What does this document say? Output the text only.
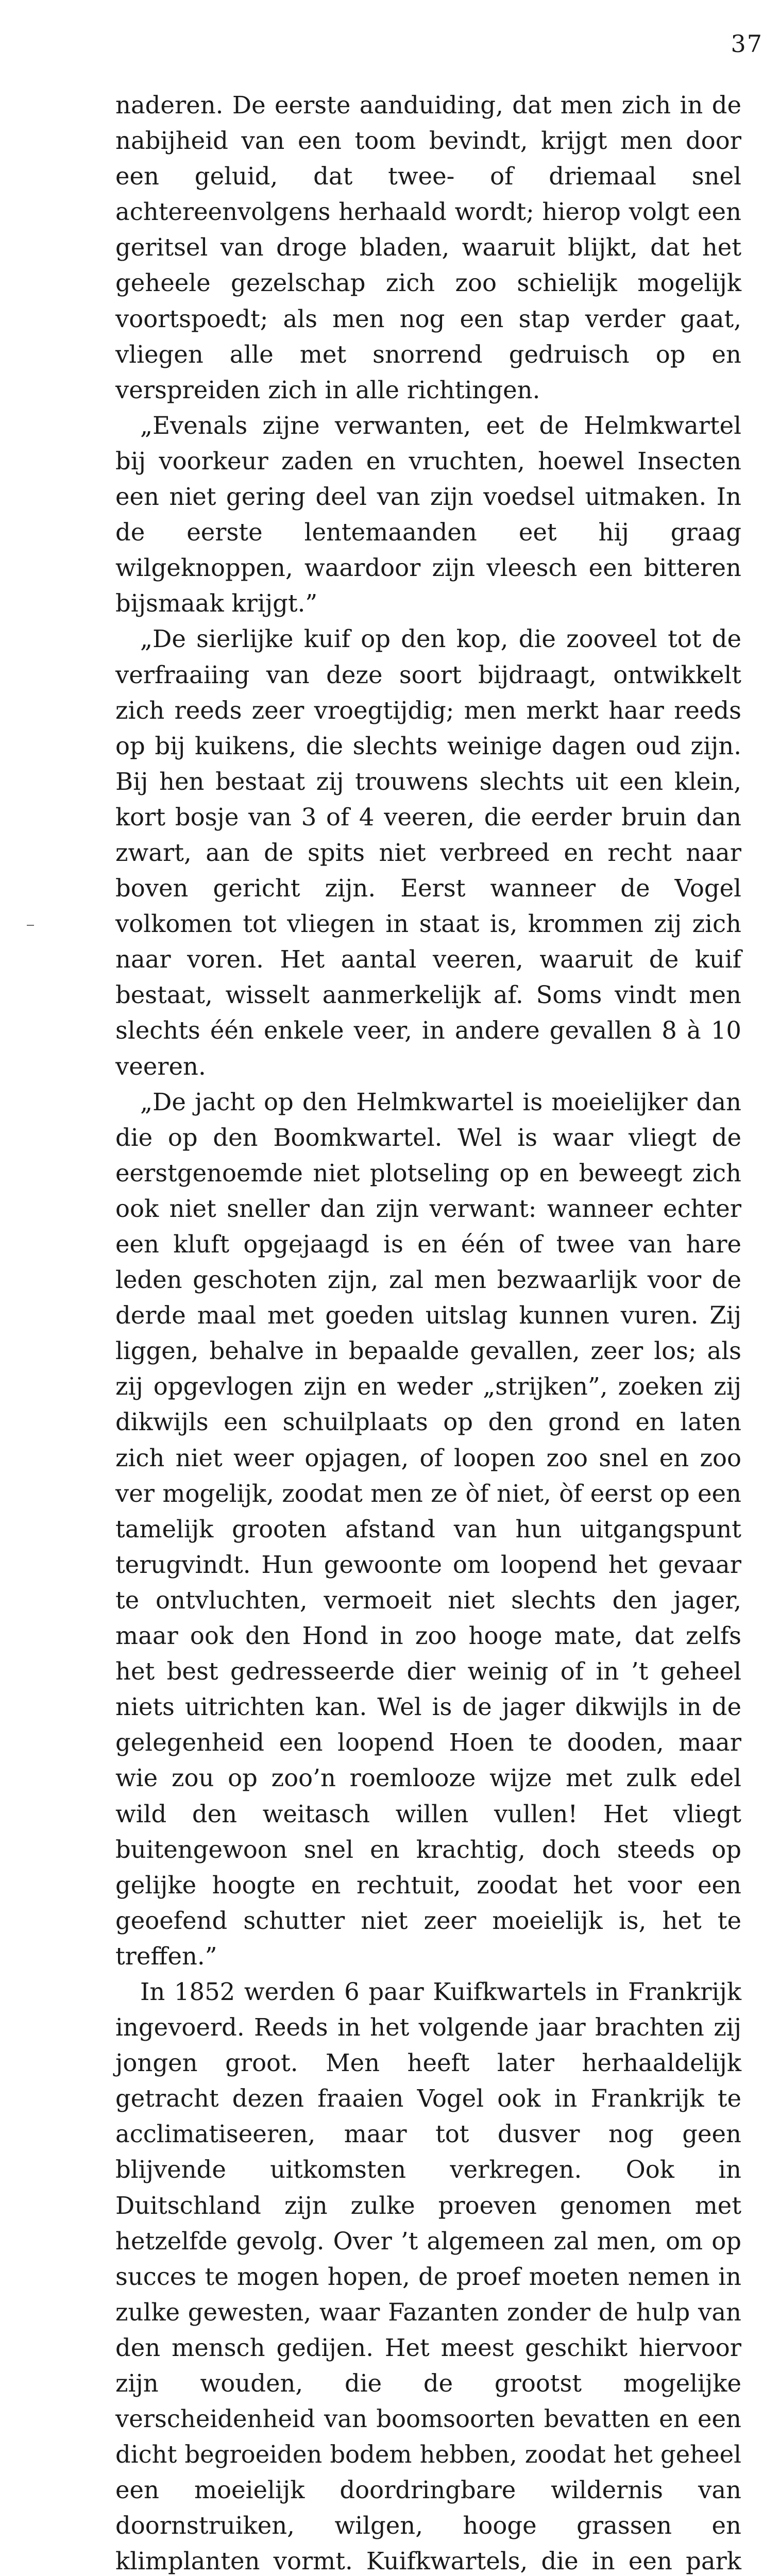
37

naderen. De eerste aanduiding, dat men zich in de nabijheid van een toom bevindt, krijgt men door een geluid, dat twee- of driemaal snel achtereenvolgens herhaald wordt; hierop volgt een geritsel van droge bladen, waaruit blijkt, dat het geheele gezelschap zich zoo schielijk mogelijk voortspoedt; als men nog een stap verder gaat, vliegen alle met snorrend gedruisch op en verspreiden zich in alle richtingen.

„Evenals zijne verwanten, eet de Helmkwartel bij voorkeur zaden en vruchten, hoewel Insecten een niet gering deel van zijn voedsel uitmaken. In de eerste lentemaanden eet hij graag wilgeknoppen, waardoor zijn vleesch een bitteren bijsmaak krijgt.”

„De sierlijke kuif op den kop, die zooveel tot de verfraaiing van deze soort bijdraagt, ontwikkelt zich reeds zeer vroegtijdig; men merkt haar reeds op bij kuikens, die slechts weinige dagen oud zijn. Bij hen bestaat zij trouwens slechts uit een klein, kort bosje van 3 of 4 veeren, die eerder bruin dan zwart, aan de spits niet verbreed en recht naar boven gericht zijn. Eerst wanneer de Vogel volkomen tot vliegen in staat is, krommen zij zich naar voren. Het aantal veeren, waaruit de kuif bestaat, wisselt aanmerkelijk af. Soms vindt men slechts één enkele veer, in andere gevallen 8 à 10 veeren.

„De jacht op den Helmkwartel is moeielijker dan die op den Boomkwartel. Wel is waar vliegt de eerstgenoemde niet plotseling op en beweegt zich ook niet sneller dan zijn verwant: wanneer echter een kluft opgejaagd is en één of twee van hare leden geschoten zijn, zal men bezwaarlijk voor de derde maal met goeden uitslag kunnen vuren. Zij liggen, behalve in bepaalde gevallen, zeer los; als zij opgevlogen zijn en weder „strijken”, zoeken zij dikwijls een schuilplaats op den grond en laten zich niet weer opjagen, of loopen zoo snel en zoo ver mogelijk, zoodat men ze òf niet, òf eerst op een tamelijk grooten afstand van hun uitgangspunt terugvindt. Hun gewoonte om loopend het gevaar te ontvluchten, vermoeit niet slechts den jager, maar ook den Hond in zoo hooge mate, dat zelfs het best gedresseerde dier weinig of in ’t geheel niets uitrichten kan. Wel is de jager dikwijls in de gelegenheid een loopend Hoen te dooden, maar wie zou op zoo’n roemlooze wijze met zulk edel wild den weitasch willen vullen! Het vliegt buitengewoon snel en krachtig, doch steeds op gelijke hoogte en rechtuit, zoodat het voor een geoefend schutter niet zeer moeielijk is, het te treffen.”

In 1852 werden 6 paar Kuifkwartels in Frankrijk ingevoerd. Reeds in het volgende jaar brachten zij jongen groot. Men heeft later herhaaldelijk getracht dezen fraaien Vogel ook in Frankrijk te acclimatiseeren, maar tot dusver nog geen blijvende uitkomsten verkregen. Ook in Duitschland zijn zulke proeven genomen met hetzelfde gevolg. Over ’t algemeen zal men, om op succes te mogen hopen, de proef moeten nemen in zulke gewesten, waar Fazanten zonder de hulp van den mensch gedijen. Het meest geschikt hiervoor zijn wouden, die de grootst mogelijke verscheidenheid van boomsoorten bevatten en een dicht begroeiden bodem hebben, zoodat het geheel een moeielijk doordringbare wildernis van doornstruiken, wilgen, hooge grassen en klimplanten vormt. Kuifkwartels, die in een park
